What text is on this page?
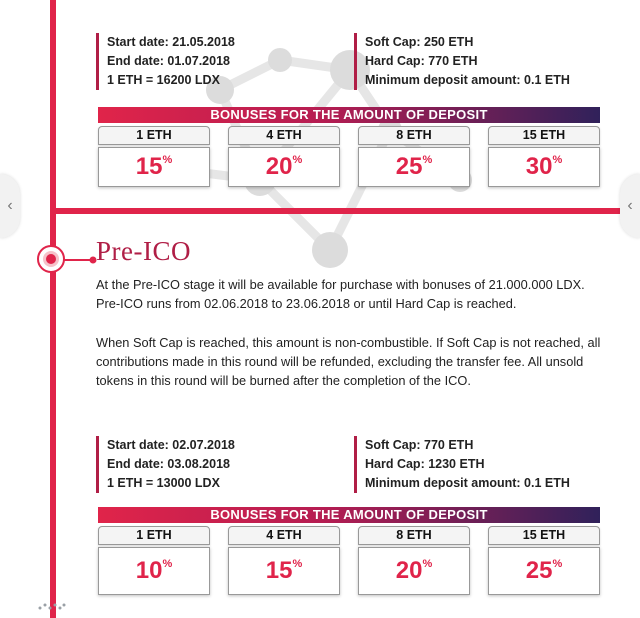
‹	‹
Start date: 21.05.2018
End date: 01.07.2018
1 ETH = 16200 LDX
Soft Cap: 250 ETH
Hard Cap: 770 ETH
Minimum deposit amount: 0.1 ETH
BONUSES FOR THE AMOUNT OF DEPOSIT
1 ETH
15 %
4 ETH
20 %
8 ETH
25 %
15 ETH
30 %
Pre-ICO

At the Pre-ICO stage it will be available for purchase with bonuses of 21.000.000 LDX. Pre-ICO runs from 02.06.2018 to 23.06.2018 or until Hard Cap is reached.

When Soft Cap is reached, this amount is non-combustible. If Soft Cap is not reached, all contributions made in this round will be refunded, excluding the transfer fee. All unsold tokens in this round will be burned after the completion of the ICO.

Start date: 02.07.2018
End date: 03.08.2018
1 ETH = 13000 LDX
Soft Cap: 770 ETH
Hard Cap: 1230 ETH
Minimum deposit amount: 0.1 ETH
BONUSES FOR THE AMOUNT OF DEPOSIT
1 ETH
10 %
4 ETH
15 %
8 ETH
20 %
15 ETH
25 %
